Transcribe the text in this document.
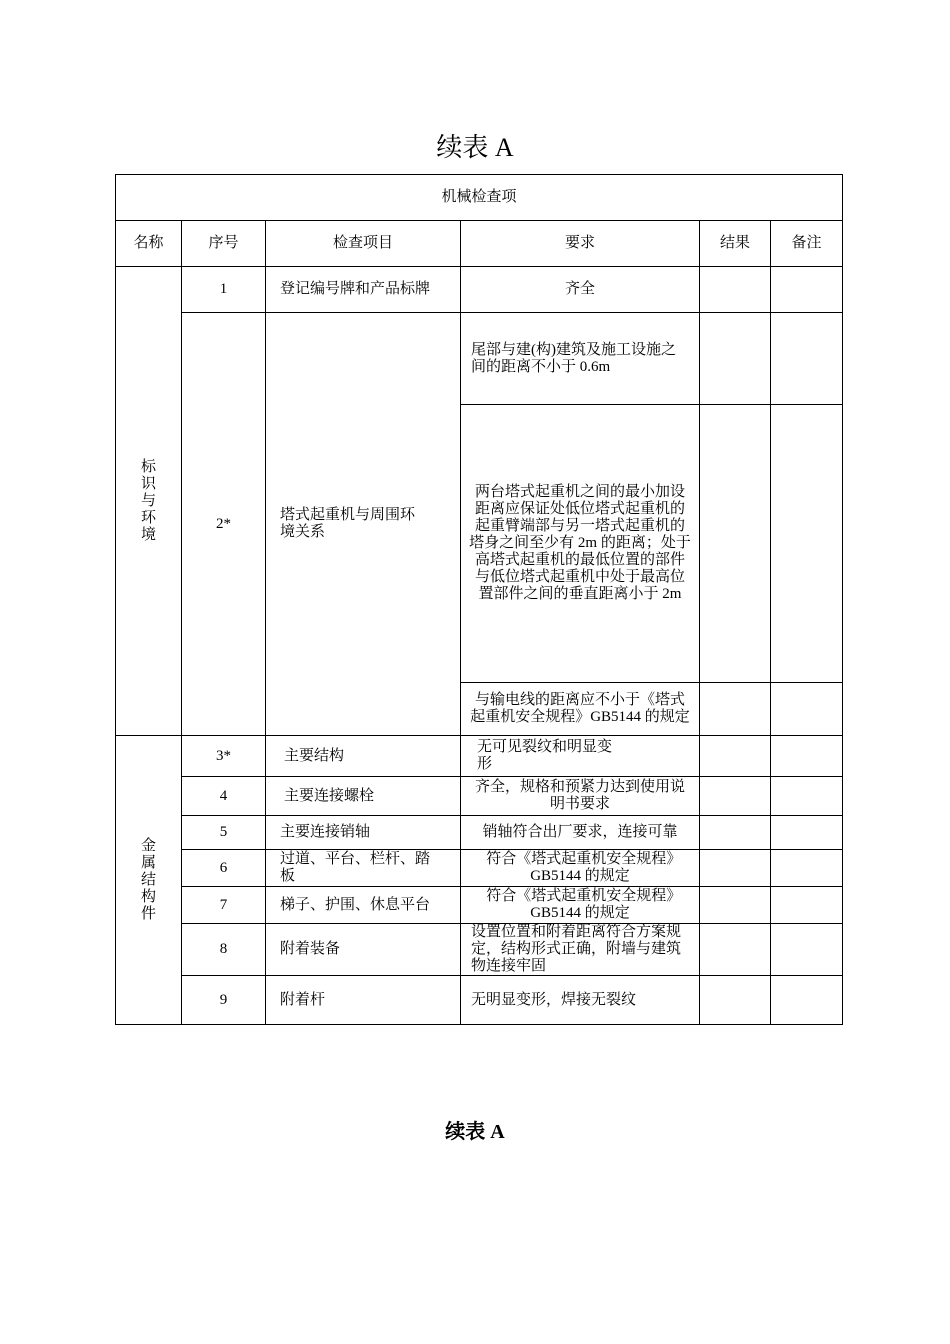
续表 A
机械检查项					
名称	序号	检查项目	要求	结果	备注

标识与环境	1	登记编号牌和产品标牌	齐全		
	2*	塔式起重机与周围环境关系	尾部与建(构)建筑及施工设施之间的距离不小于 0.6m		
			两台塔式起重机之间的最小加设距离应保证处低位塔式起重机的起重臂端部与另一塔式起重机的塔身之间至少有 2m 的距离；处于高塔式起重机的最低位置的部件与低位塔式起重机中处于最高位置部件之间的垂直距离小于 2m		
			与输电线的距离应不小于《塔式起重机安全规程》GB5144 的规定		

金属结构件	3*	主要结构	无可见裂纹和明显变形		
	4	主要连接螺栓	齐全，规格和预紧力达到使用说明书要求		
	5	主要连接销轴	销轴符合出厂要求，连接可靠		
	6	过道、平台、栏杆、踏板	符合《塔式起重机安全规程》GB5144 的规定		
	7	梯子、护围、休息平台	符合《塔式起重机安全规程》GB5144 的规定		
	8	附着装备	设置位置和附着距离符合方案规定，结构形式正确，附墙与建筑物连接牢固		
	9	附着杆	无明显变形，焊接无裂纹		
续表 A
